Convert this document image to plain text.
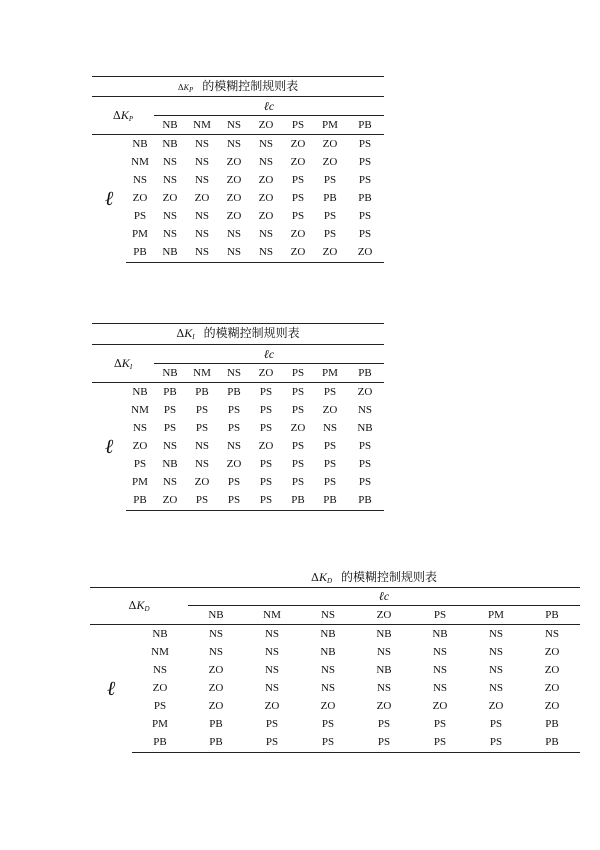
$\Delta K_P$ 的模糊控制规则表								
$\Delta K_P$		ℓc						
		NB	NM	NS	ZO	PS	PM	PB
ℓ	NB	NB	NS	NS	NS	ZO	ZO	PS
	NM	NS	NS	ZO	NS	ZO	ZO	PS
	NS	NS	NS	ZO	ZO	PS	PS	PS
	ZO	ZO	ZO	ZO	ZO	PS	PB	PB
	PS	NS	NS	ZO	ZO	PS	PS	PS
	PM	NS	NS	NS	NS	ZO	PS	PS
	PB	NB	NS	NS	NS	ZO	ZO	ZO
$\Delta K_I$ 的模糊控制规则表								
$\Delta K_I$		ℓc						
		NB	NM	NS	ZO	PS	PM	PB
ℓ	NB	PB	PB	PB	PS	PS	PS	ZO
	NM	PS	PS	PS	PS	PS	ZO	NS
	NS	PS	PS	PS	PS	ZO	NS	NB
	ZO	NS	NS	NS	ZO	PS	PS	PS
	PS	NB	NS	ZO	PS	PS	PS	PS
	PM	NS	ZO	PS	PS	PS	PS	PS
	PB	ZO	PS	PS	PS	PB	PB	PB
$\Delta K_D$ 的模糊控制规则表
$\Delta K_D$		ℓc						
		NB	NM	NS	ZO	PS	PM	PB
ℓ	NB	NS	NS	NB	NB	NB	NS	NS
	NM	NS	NS	NB	NS	NS	NS	ZO
	NS	ZO	NS	NS	NB	NS	NS	ZO
	ZO	ZO	NS	NS	NS	NS	NS	ZO
	PS	ZO	ZO	ZO	ZO	ZO	ZO	ZO
	PM	PB	PS	PS	PS	PS	PS	PB
	PB	PB	PS	PS	PS	PS	PS	PB
